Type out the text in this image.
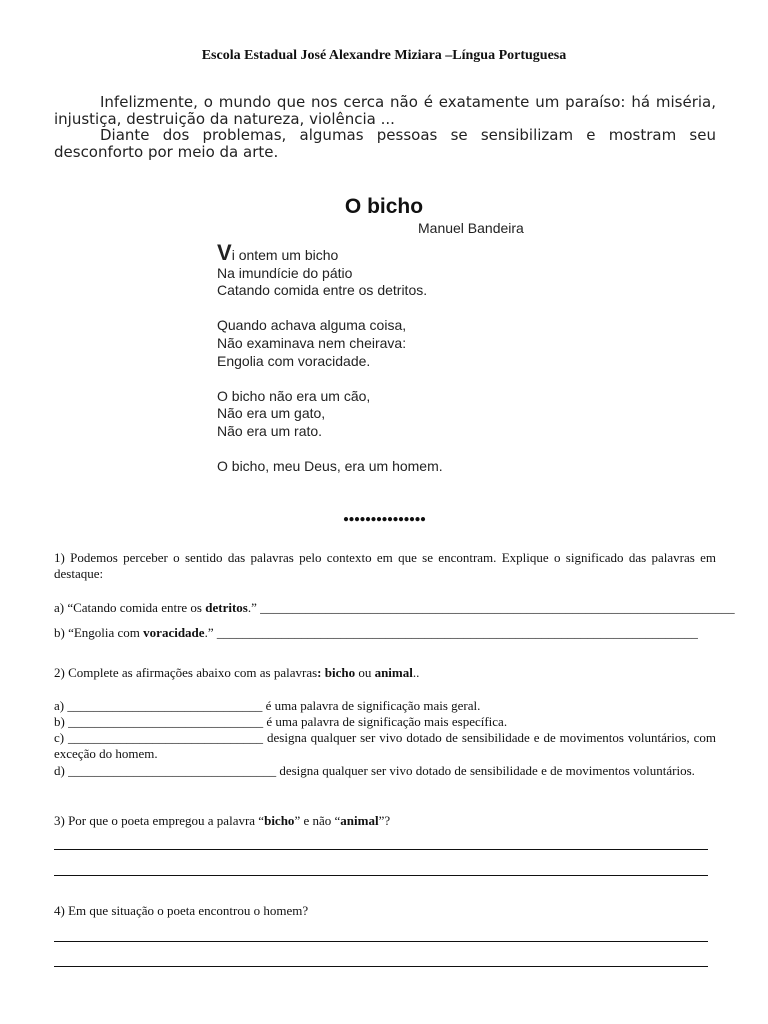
Escola Estadual José Alexandre Miziara –Língua Portuguesa

Infelizmente, o mundo que nos cerca não é exatamente um paraíso: há miséria, injustiça, destruição da natureza, violência ...

Diante dos problemas, algumas pessoas se sensibilizam e mostram seu desconforto por meio da arte.

O bicho
Manuel Bandeira
Vi ontem um bicho
Na imundície do pátio
Catando comida entre os detritos.
Quando achava alguma coisa,
Não examinava nem cheirava:
Engolia com voracidade.
O bicho não era um cão,
Não era um gato,
Não era um rato.
O bicho, meu Deus, era um homem.
...............
1) Podemos perceber o sentido das palavras pelo contexto em que se encontram. Explique o significado das palavras em destaque:
a) “Catando comida entre os detritos.” _________________________________________________________________________
b) “Engolia com voracidade.” __________________________________________________________________________
2) Complete as afirmações abaixo com as palavras: bicho ou animal..
a) ______________________________ é uma palavra de significação mais geral.
b) ______________________________ é uma palavra de significação mais específica.
c) ______________________________ designa qualquer ser vivo dotado de sensibilidade e de movimentos voluntários, com exceção do homem.
d) ________________________________ designa qualquer ser vivo dotado de sensibilidade e de movimentos voluntários.
3) Por que o poeta empregou a palavra “bicho” e não “animal”?
4) Em que situação o poeta encontrou o homem?
